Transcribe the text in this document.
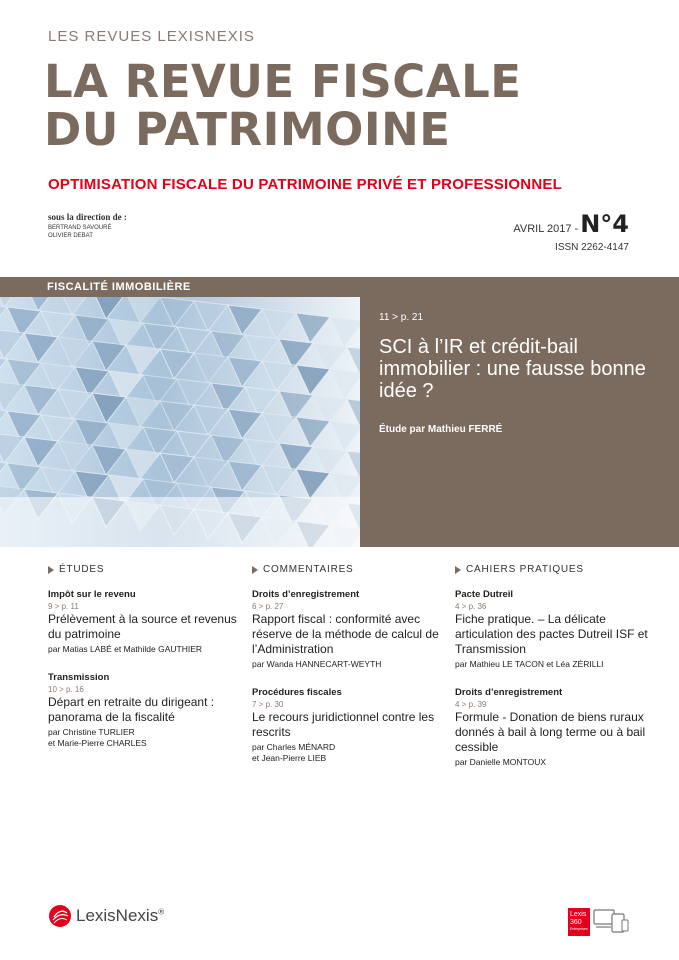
LES REVUES LEXISNEXIS
LA REVUE FISCALE
DU PATRIMOINE
OPTIMISATION FISCALE DU PATRIMOINE PRIVÉ ET PROFESSIONNEL
sous la direction de :
BERTRAND SAVOURÉ
OLIVIER DEBAT
AVRIL 2017 - N°4
ISSN 2262-4147
FISCALITÉ IMMOBILIÈRE
11 > p. 21
SCI à l’IR et crédit-bail immobilier : une fausse bonne idée ?
Étude par Mathieu FERRÉ
ÉTUDES
Impôt sur le revenu
9 > p. 11
Prélèvement à la source et revenus du patrimoine
par Matias LABÉ et Mathilde GAUTHIER
Transmission
10 > p. 16
Départ en retraite du dirigeant : panorama de la fiscalité
par Christine TURLIER
et Marie-Pierre CHARLES
COMMENTAIRES
Droits d’enregistrement
6 > p. 27
Rapport fiscal : conformité avec réserve de la méthode de calcul de l’Administration
par Wanda HANNECART-WEYTH
Procédures fiscales
7 > p. 30
Le recours juridictionnel contre les rescrits
par Charles MÉNARD
et Jean-Pierre LIEB
CAHIERS PRATIQUES
Pacte Dutreil
4 > p. 36
Fiche pratique. – La délicate articulation des pactes Dutreil ISF et Transmission
par Mathieu LE TACON et Léa ZÉRILLI
Droits d’enregistrement
4 > p. 39
Formule - Donation de biens ruraux donnés à bail à long terme ou à bail cessible
par Danielle MONTOUX
LexisNexis®	Lexis
360
Entreprises
